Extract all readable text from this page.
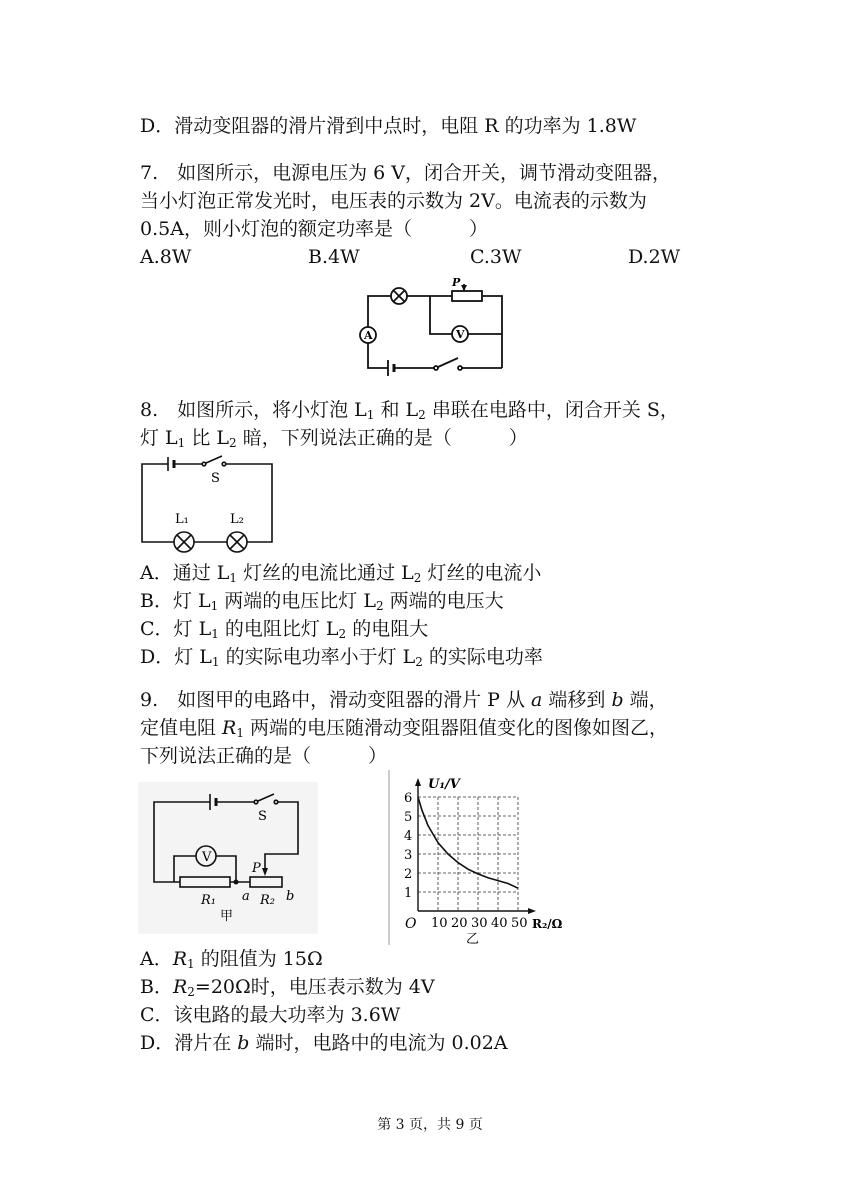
D．滑动变阻器的滑片滑到中点时，电阻 R 的功率为 1.8W
7.　如图所示，电源电压为 6 V，闭合开关，调节滑动变阻器，
当小灯泡正常发光时，电压表的示数为 2V。电流表的示数为
0.5A，则小灯泡的额定功率是（　　　）
A.8W	B.4W	C.3W	D.2W
P
V
A
8.　如图所示，将小灯泡 $L_1$ 和 $L_2$ 串联在电路中，闭合开关 S，
灯 $L_1$ 比 $L_2$ 暗，下列说法正确的是（　　　）
S
L₁	L₂
A．通过 $L_1$ 灯丝的电流比通过 $L_2$ 灯丝的电流小
B．灯 $L_1$ 两端的电压比灯 $L_2$ 两端的电压大
C．灯 $L_1$ 的电阻比灯 $L_2$ 的电阻大
D．灯 $L_1$ 的实际电功率小于灯 $L_2$ 的实际电功率
9.　如图甲的电路中，滑动变阻器的滑片 P 从 a 端移到 b 端，
定值电阻 $R_1$ 两端的电压随滑动变阻器阻值变化的图像如图乙，
下列说法正确的是（　　　）
V
S
P
R₁ a R₂ b
甲	10 20 30 40 50
1
2
3
4
5
6
U₁/V
R₂/Ω
O
乙
A．$R_1$ 的阻值为 15Ω
B．$R_2=20\Omega$时，电压表示数为 4V
C．该电路的最大功率为 3.6W
D．滑片在 b 端时，电路中的电流为 0.02A
第 3 页，共 9 页
